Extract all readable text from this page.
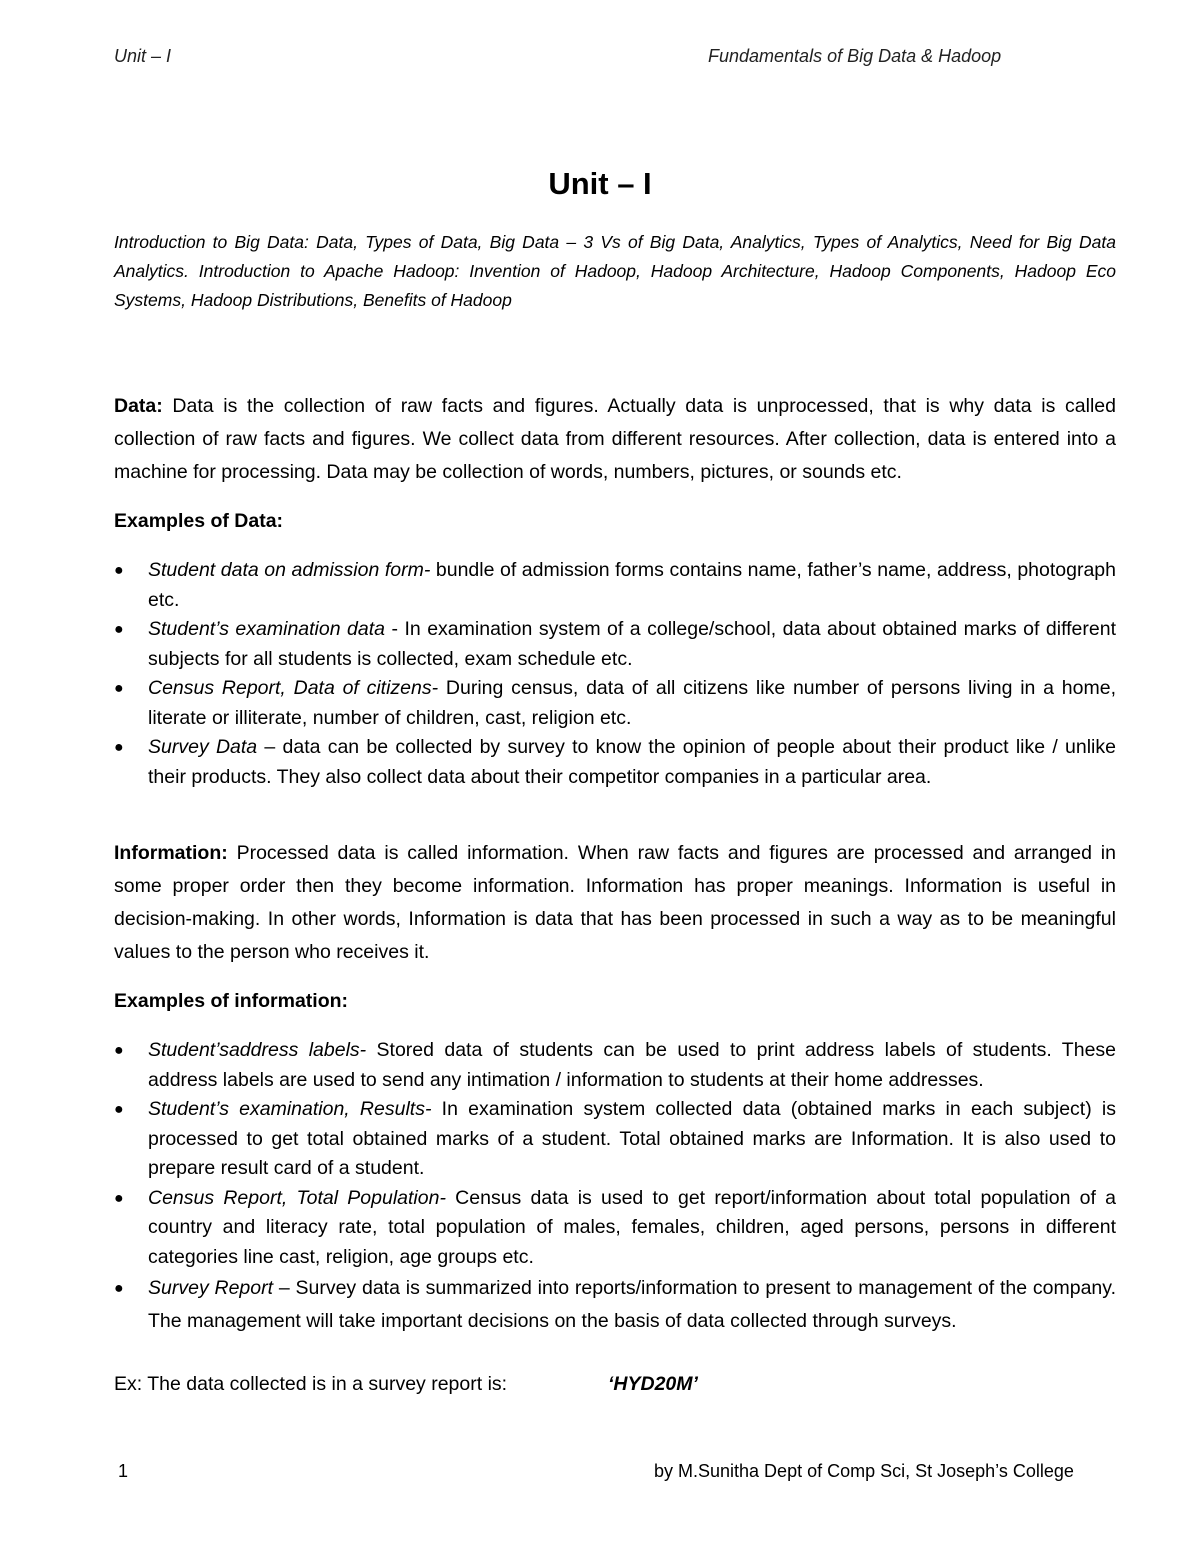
Unit – I	Fundamentals of Big Data & Hadoop
Unit – I
Introduction to Big Data: Data, Types of Data, Big Data – 3 Vs of Big Data, Analytics, Types of Analytics, Need for Big Data Analytics. Introduction to Apache Hadoop: Invention of Hadoop, Hadoop Architecture, Hadoop Components, Hadoop Eco Systems, Hadoop Distributions, Benefits of Hadoop
Data: Data is the collection of raw facts and figures. Actually data is unprocessed, that is why data is called collection of raw facts and figures. We collect data from different resources. After collection, data is entered into a machine for processing. Data may be collection of words, numbers, pictures, or sounds etc.
Examples of Data:
● Student data on admission form- bundle of admission forms contains name, father’s name, address, photograph etc.
● Student’s examination data - In examination system of a college/school, data about obtained marks of different subjects for all students is collected, exam schedule etc.
● Census Report, Data of citizens- During census, data of all citizens like number of persons living in a home, literate or illiterate, number of children, cast, religion etc.
● Survey Data – data can be collected by survey to know the opinion of people about their product like / unlike their products. They also collect data about their competitor companies in a particular area.
Information: Processed data is called information. When raw facts and figures are processed and arranged in some proper order then they become information. Information has proper meanings. Information is useful in decision-making. In other words, Information is data that has been processed in such a way as to be meaningful values to the person who receives it.
Examples of information:
● Student’saddress labels- Stored data of students can be used to print address labels of students. These address labels are used to send any intimation / information to students at their home addresses.
● Student’s examination, Results- In examination system collected data (obtained marks in each subject) is processed to get total obtained marks of a student. Total obtained marks are Information. It is also used to prepare result card of a student.
● Census Report, Total Population- Census data is used to get report/information about total population of a country and literacy rate, total population of males, females, children, aged persons, persons in different categories line cast, religion, age groups etc.
● Survey Report – Survey data is summarized into reports/information to present to management of the company. The management will take important decisions on the basis of data collected through surveys.
Ex: The data collected is in a survey report is:	‘HYD20M’
1	by M.Sunitha Dept of Comp Sci, St Joseph’s College
